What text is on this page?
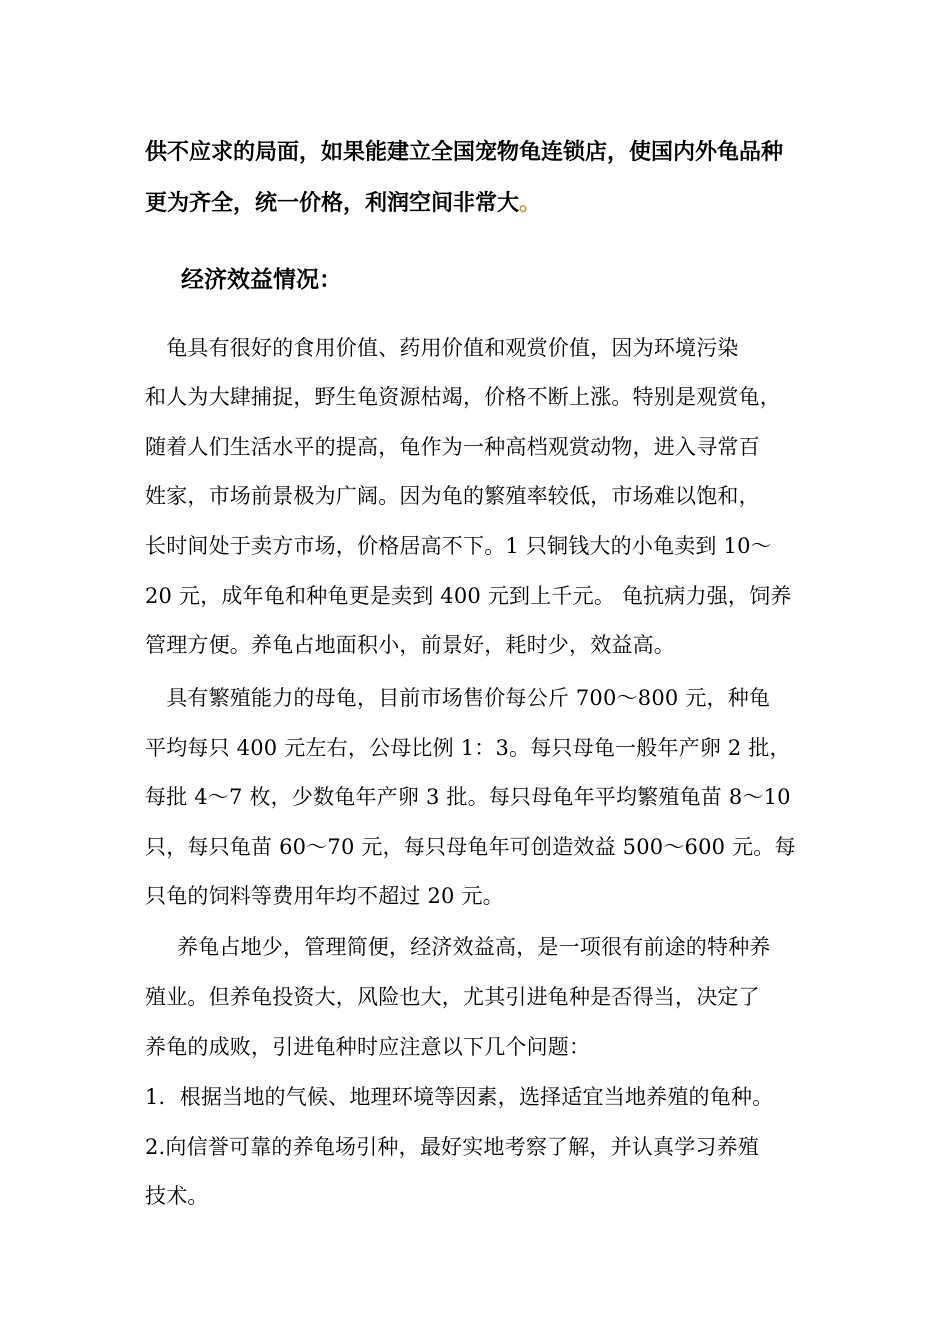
供不应求的局面，如果能建立全国宠物龟连锁店，使国内外龟品种
更为齐全，统一价格，利润空间非常大。
经济效益情况：
　龟具有很好的食用价值、药用价值和观赏价值，因为环境污染
和人为大肆捕捉，野生龟资源枯竭，价格不断上涨。特别是观赏龟，
随着人们生活水平的提高，龟作为一种高档观赏动物，进入寻常百
姓家，市场前景极为广阔。因为龟的繁殖率较低，市场难以饱和，
长时间处于卖方市场，价格居高不下。1 只铜钱大的小龟卖到 10～
20 元，成年龟和种龟更是卖到 400 元到上千元。 龟抗病力强，饲养
管理方便。养龟占地面积小，前景好，耗时少，效益高。
　具有繁殖能力的母龟，目前市场售价每公斤 700～800 元，种龟
平均每只 400 元左右，公母比例 1：3。每只母龟一般年产卵 2 批，
每批 4～7 枚，少数龟年产卵 3 批。每只母龟年平均繁殖龟苗 8～10
只，每只龟苗 60～70 元，每只母龟年可创造效益 500～600 元。每
只龟的饲料等费用年均不超过 20 元。
养龟占地少，管理简便，经济效益高，是一项很有前途的特种养
殖业。但养龟投资大，风险也大，尤其引进龟种是否得当，决定了
养龟的成败，引进龟种时应注意以下几个问题：
1．根据当地的气候、地理环境等因素，选择适宜当地养殖的龟种。
2.向信誉可靠的养龟场引种，最好实地考察了解，并认真学习养殖
技术。
